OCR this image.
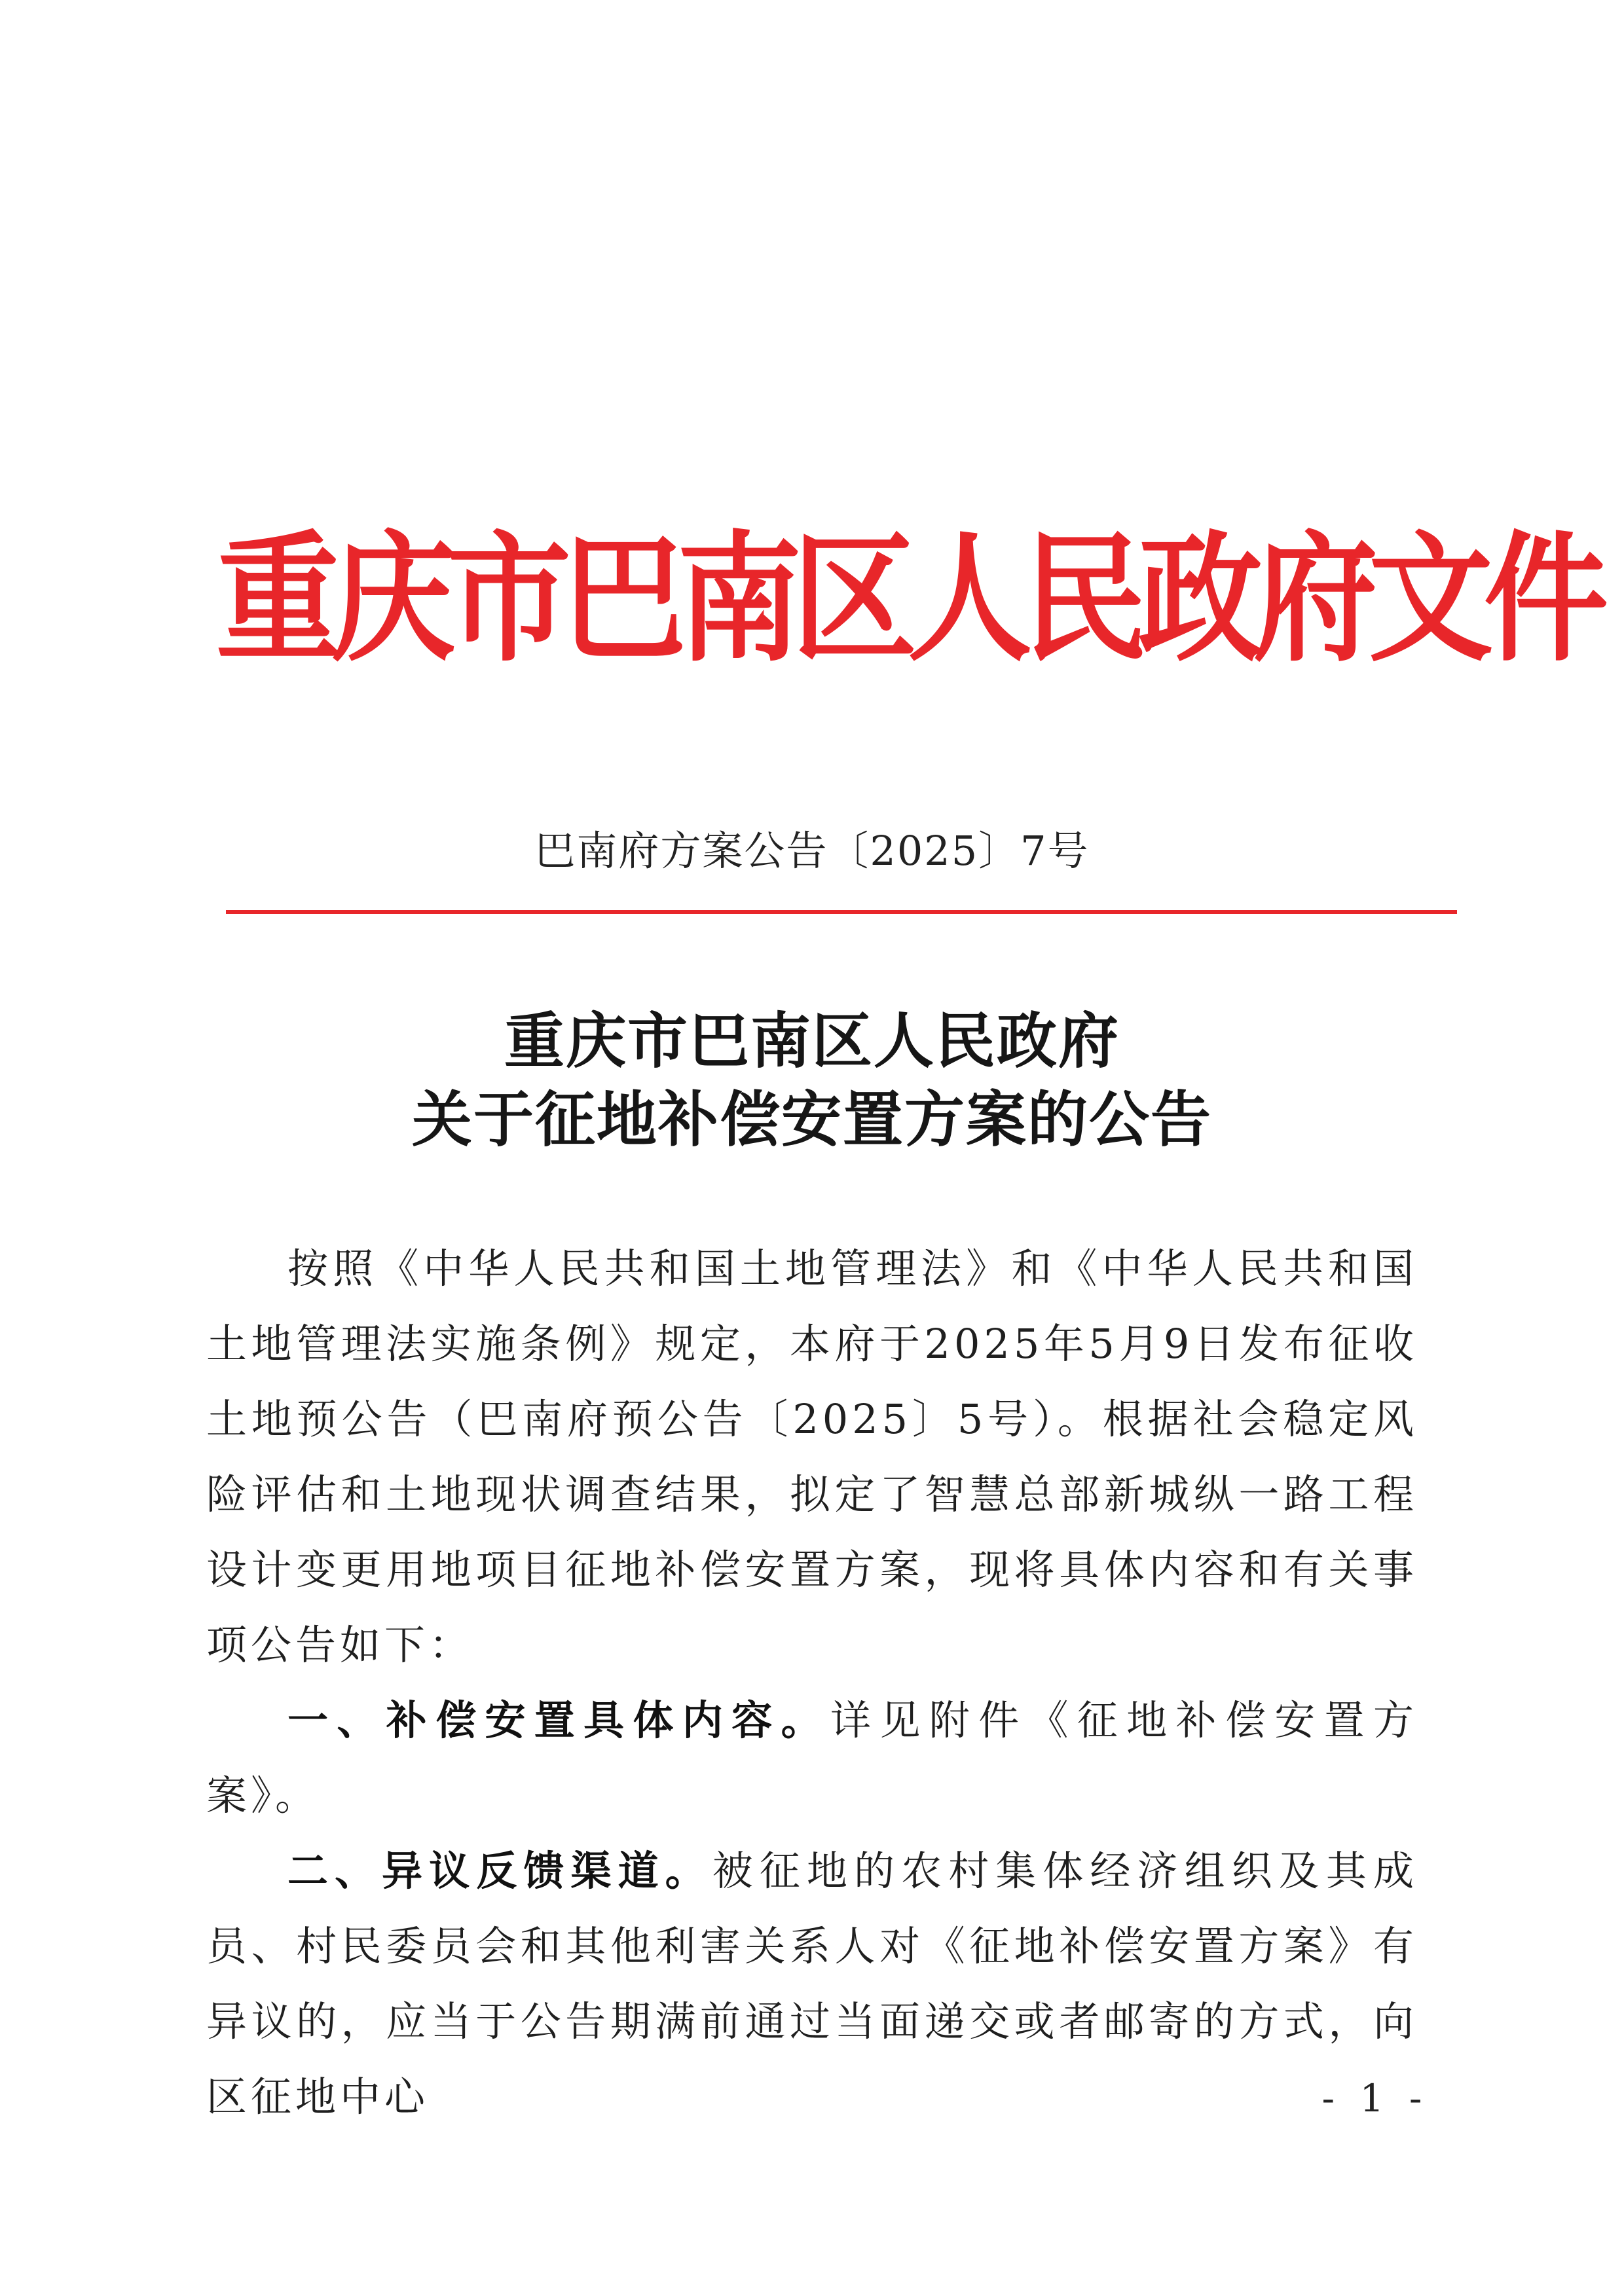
重庆市巴南区人民政府文件
巴南府方案公告〔2025〕7号
重庆市巴南区人民政府
关于征地补偿安置方案的公告

按照《中华人民共和国土地管理法》和《中华人民共和国土地管理法实施条例》规定，本府于2025年5月9日发布征收土地预公告（巴南府预公告〔2025〕5号）。根据社会稳定风险评估和土地现状调查结果，拟定了智慧总部新城纵一路工程设计变更用地项目征地补偿安置方案，现将具体内容和有关事项公告如下：

一、补偿安置具体内容。详见附件《征地补偿安置方案》。

二、异议反馈渠道。被征地的农村集体经济组织及其成员、村民委员会和其他利害关系人对《征地补偿安置方案》有异议的，应当于公告期满前通过当面递交或者邮寄的方式，向区征地中心	- 1 -
